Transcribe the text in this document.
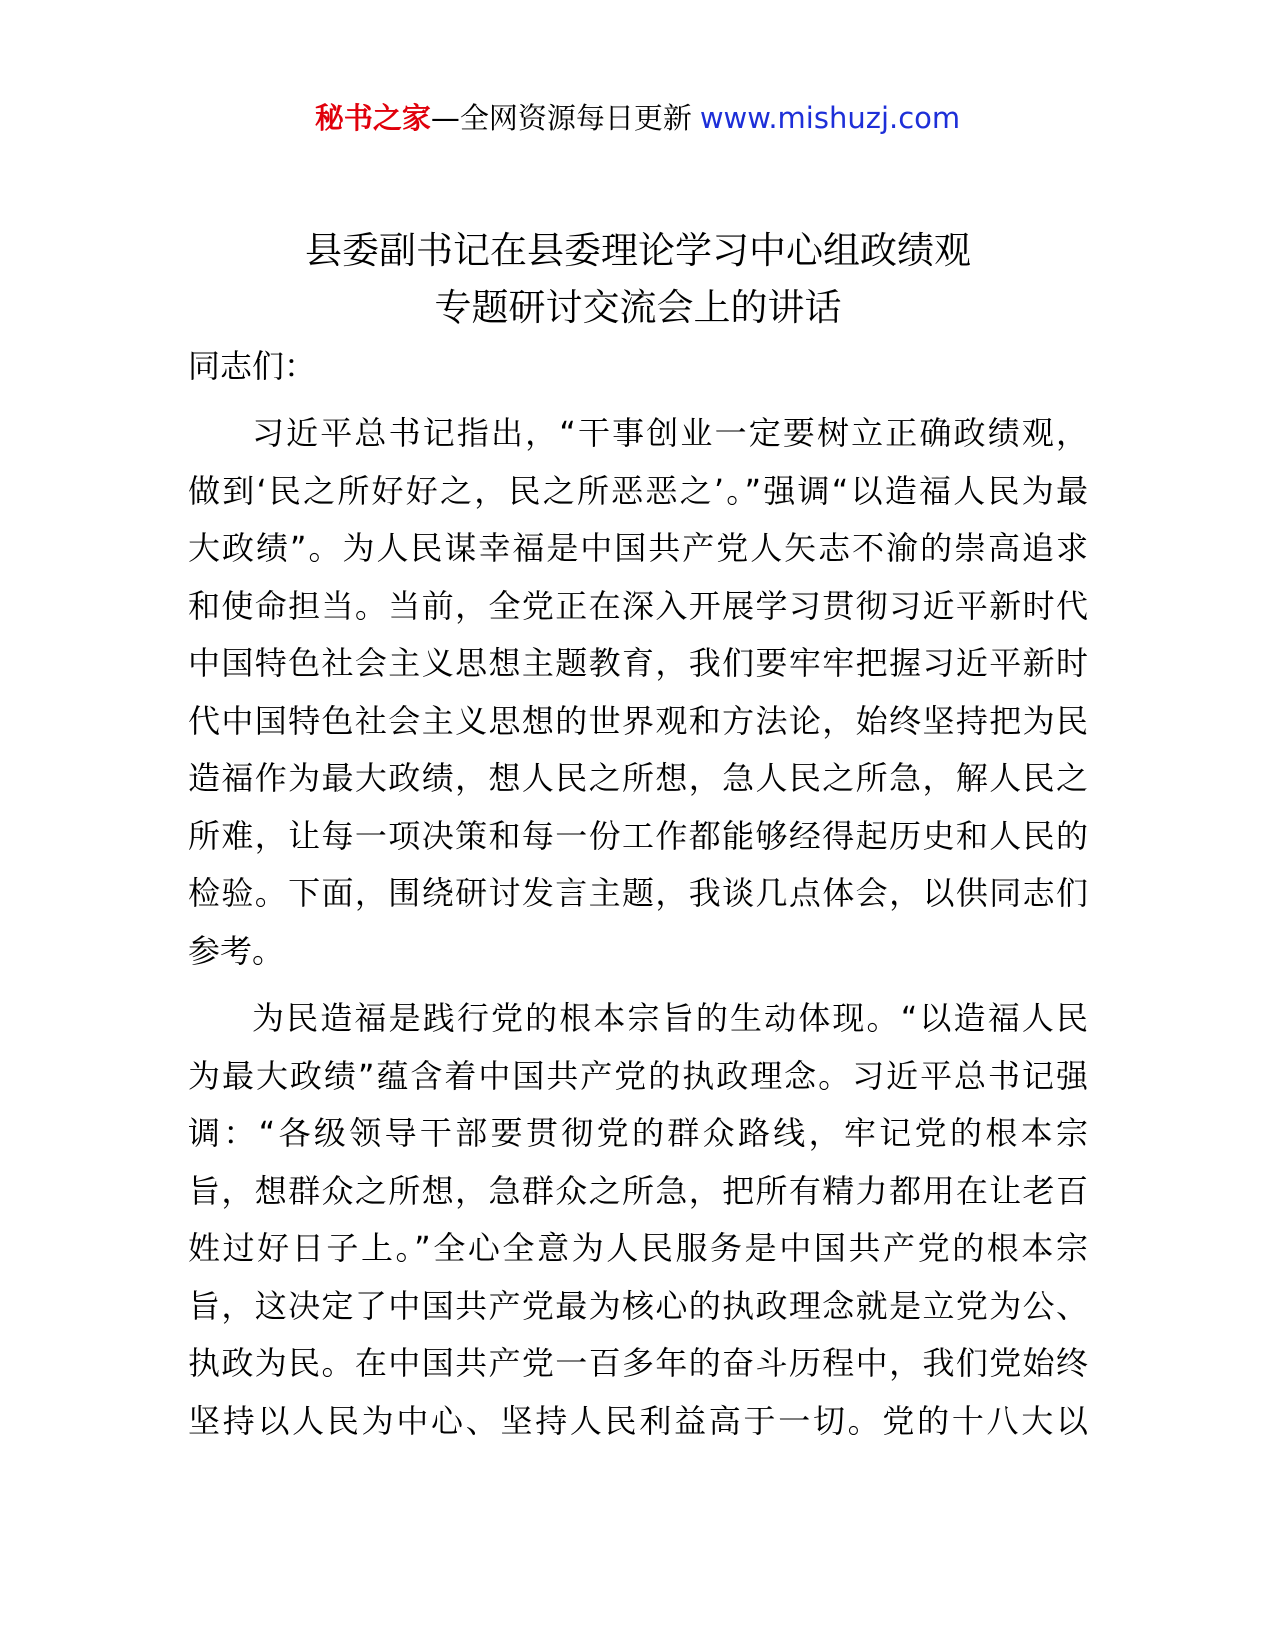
秘书之家—全网资源每日更新 www.mishuzj.com
县委副书记在县委理论学习中心组政绩观
专题研讨交流会上的讲话
同志们：
习近平总书记指出，“干事创业一定要树立正确政绩观，
做到‘民之所好好之，民之所恶恶之’。”强调“以造福人民为最
大政绩”。为人民谋幸福是中国共产党人矢志不渝的崇高追求
和使命担当。当前，全党正在深入开展学习贯彻习近平新时代
中国特色社会主义思想主题教育，我们要牢牢把握习近平新时
代中国特色社会主义思想的世界观和方法论，始终坚持把为民
造福作为最大政绩，想人民之所想，急人民之所急，解人民之
所难，让每一项决策和每一份工作都能够经得起历史和人民的
检验。下面，围绕研讨发言主题，我谈几点体会，以供同志们
参考。
为民造福是践行党的根本宗旨的生动体现。“以造福人民
为最大政绩”蕴含着中国共产党的执政理念。习近平总书记强
调：“各级领导干部要贯彻党的群众路线，牢记党的根本宗
旨，想群众之所想，急群众之所急，把所有精力都用在让老百
姓过好日子上。”全心全意为人民服务是中国共产党的根本宗
旨，这决定了中国共产党最为核心的执政理念就是立党为公、
执政为民。在中国共产党一百多年的奋斗历程中，我们党始终
坚持以人民为中心、坚持人民利益高于一切。党的十八大以
